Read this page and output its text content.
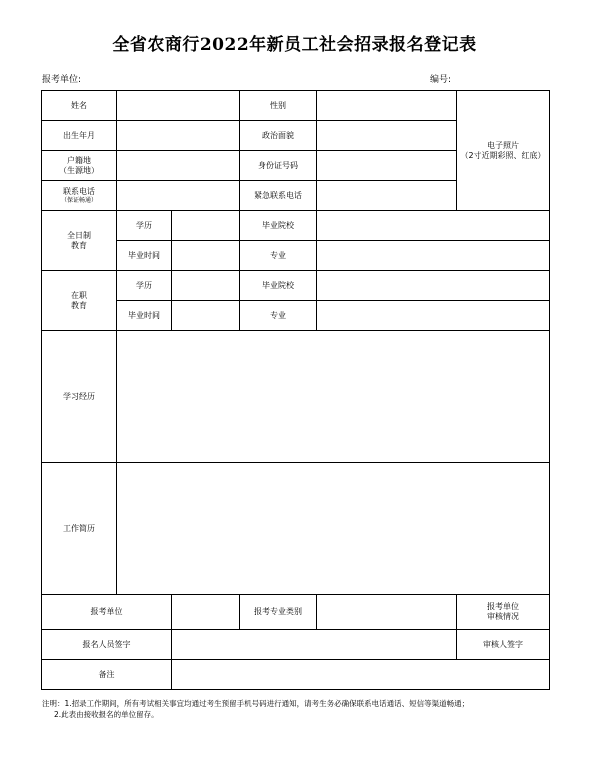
全省农商行2022年新员工社会招录报名登记表
报考单位:	编号:
姓名			性别		电子照片
（2寸近期彩照、红底）

出生年月			政治面貌		

户籍地
（生源地）			身份证号码		

联系电话
（保证畅通）			紧急联系电话		
全日制
教育	学历		毕业院校		
	毕业时间		专业		
在职
教育	学历		毕业院校		
	毕业时间		专业		
学习经历					
工作简历					
报考单位			报考专业类别		报考单位
审核情况
报名人员签字					审核人签字
备注					
注明：1.招录工作期间，所有考试相关事宜均通过考生预留手机号码进行通知，请考生务必确保联系电话通话、短信等渠道畅通；
2.此表由接收报名的单位留存。
